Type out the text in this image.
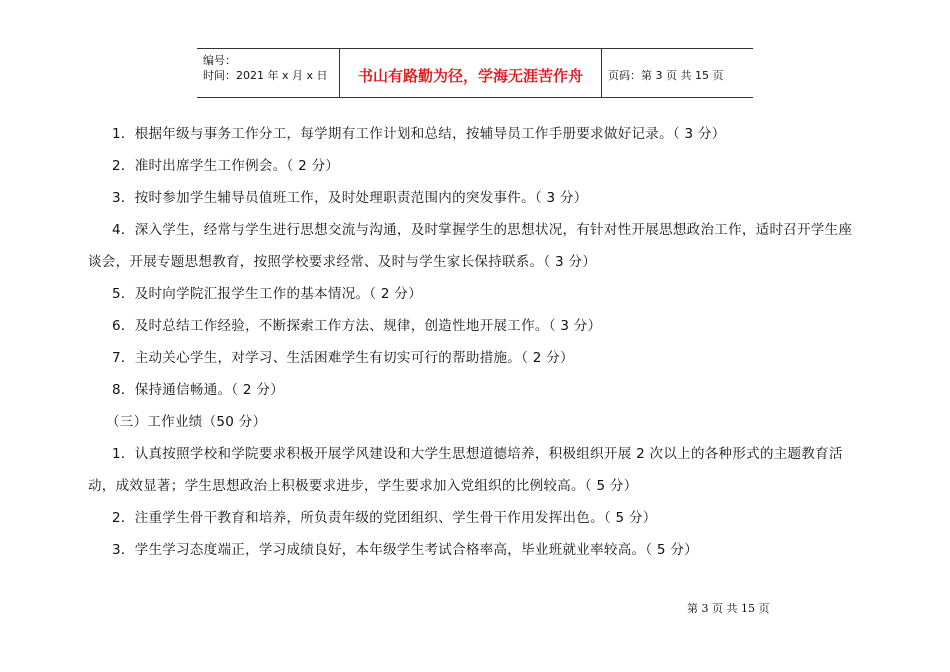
编号：
时间：2021 年 x 月 x 日	书山有路勤为径，学海无涯苦作舟	页码：第 3 页 共 15 页

1．根据年级与事务工作分工，每学期有工作计划和总结，按辅导员工作手册要求做好记录。（ 3 分）

2．准时出席学生工作例会。（ 2 分）

3．按时参加学生辅导员值班工作，及时处理职责范围内的突发事件。（ 3 分）

4．深入学生，经常与学生进行思想交流与沟通，及时掌握学生的思想状况，有针对性开展思想政治工作，适时召开学生座谈会，开展专题思想教育，按照学校要求经常、及时与学生家长保持联系。（ 3 分）

5．及时向学院汇报学生工作的基本情况。（ 2 分）

6．及时总结工作经验，不断探索工作方法、规律，创造性地开展工作。（ 3 分）

7．主动关心学生，对学习、生活困难学生有切实可行的帮助措施。（ 2 分）

8．保持通信畅通。（ 2 分）

（三）工作业绩（50 分）

1．认真按照学校和学院要求积极开展学风建设和大学生思想道德培养，积极组织开展 2 次以上的各种形式的主题教育活动，成效显著；学生思想政治上积极要求进步，学生要求加入党组织的比例较高。（ 5 分）

2．注重学生骨干教育和培养，所负责年级的党团组织、学生骨干作用发挥出色。（ 5 分）

3．学生学习态度端正，学习成绩良好，本年级学生考试合格率高，毕业班就业率较高。（ 5 分）

第 3 页 共 15 页
